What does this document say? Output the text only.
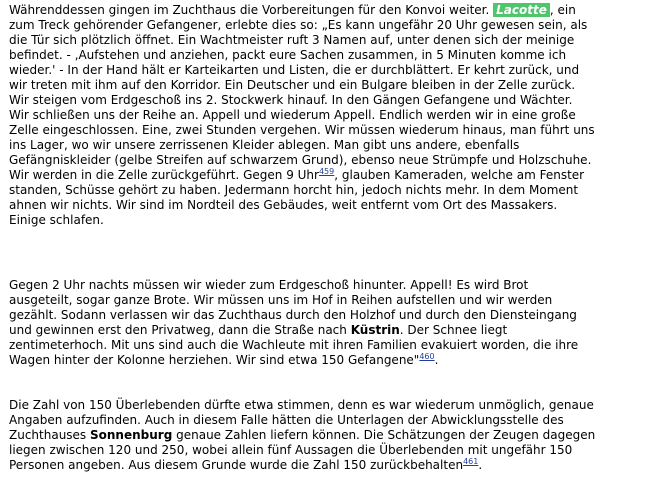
Währenddessen gingen im Zuchthaus die Vorbereitungen für den Konvoi weiter. Lacotte , ein
zum Treck gehörender Gefangener, erlebte dies so: „Es kann ungefähr 20 Uhr gewesen sein, als
die Tür sich plötzlich öffnet. Ein Wachtmeister ruft 3 Namen auf, unter denen sich der meinige
befindet. - ‚Aufstehen und anziehen, packt eure Sachen zusammen, in 5 Minuten komme ich
wieder.' - In der Hand hält er Karteikarten und Listen, die er durchblättert. Er kehrt zurück, und
wir treten mit ihm auf den Korridor. Ein Deutscher und ein Bulgare bleiben in der Zelle zurück.
Wir steigen vom Erdgeschoß ins 2. Stockwerk hinauf. In den Gängen Gefangene und Wächter.
Wir schließen uns der Reihe an. Appell und wiederum Appell. Endlich werden wir in eine große
Zelle eingeschlossen. Eine, zwei Stunden vergehen. Wir müssen wiederum hinaus, man führt uns
ins Lager, wo wir unsere zerrissenen Kleider ablegen. Man gibt uns andere, ebenfalls
Gefängniskleider (gelbe Streifen auf schwarzem Grund), ebenso neue Strümpfe und Holzschuhe.
Wir werden in die Zelle zurückgeführt. Gegen 9 Uhr$^{459}$, glauben Kameraden, welche am Fenster
standen, Schüsse gehört zu haben. Jedermann horcht hin, jedoch nichts mehr. In dem Moment
ahnen wir nichts. Wir sind im Nordteil des Gebäudes, weit entfernt vom Ort des Massakers.
Einige schlafen.
Gegen 2 Uhr nachts müssen wir wieder zum Erdgeschoß hinunter. Appell! Es wird Brot
ausgeteilt, sogar ganze Brote. Wir müssen uns im Hof in Reihen aufstellen und wir werden
gezählt. Sodann verlassen wir das Zuchthaus durch den Holzhof und durch den Diensteingang
und gewinnen erst den Privatweg, dann die Straße nach Küstrin. Der Schnee liegt
zentimeterhoch. Mit uns sind auch die Wachleute mit ihren Familien evakuiert worden, die ihre
Wagen hinter der Kolonne herziehen. Wir sind etwa 150 Gefangene"$^{460}$.
Die Zahl von 150 Überlebenden dürfte etwa stimmen, denn es war wiederum unmöglich, genaue
Angaben aufzufinden. Auch in diesem Falle hätten die Unterlagen der Abwicklungsstelle des
Zuchthauses Sonnenburg genaue Zahlen liefern können. Die Schätzungen der Zeugen dagegen
liegen zwischen 120 und 250, wobei allein fünf Aussagen die Überlebenden mit ungefähr 150
Personen angeben. Aus diesem Grunde wurde die Zahl 150 zurückbehalten$^{461}$.
